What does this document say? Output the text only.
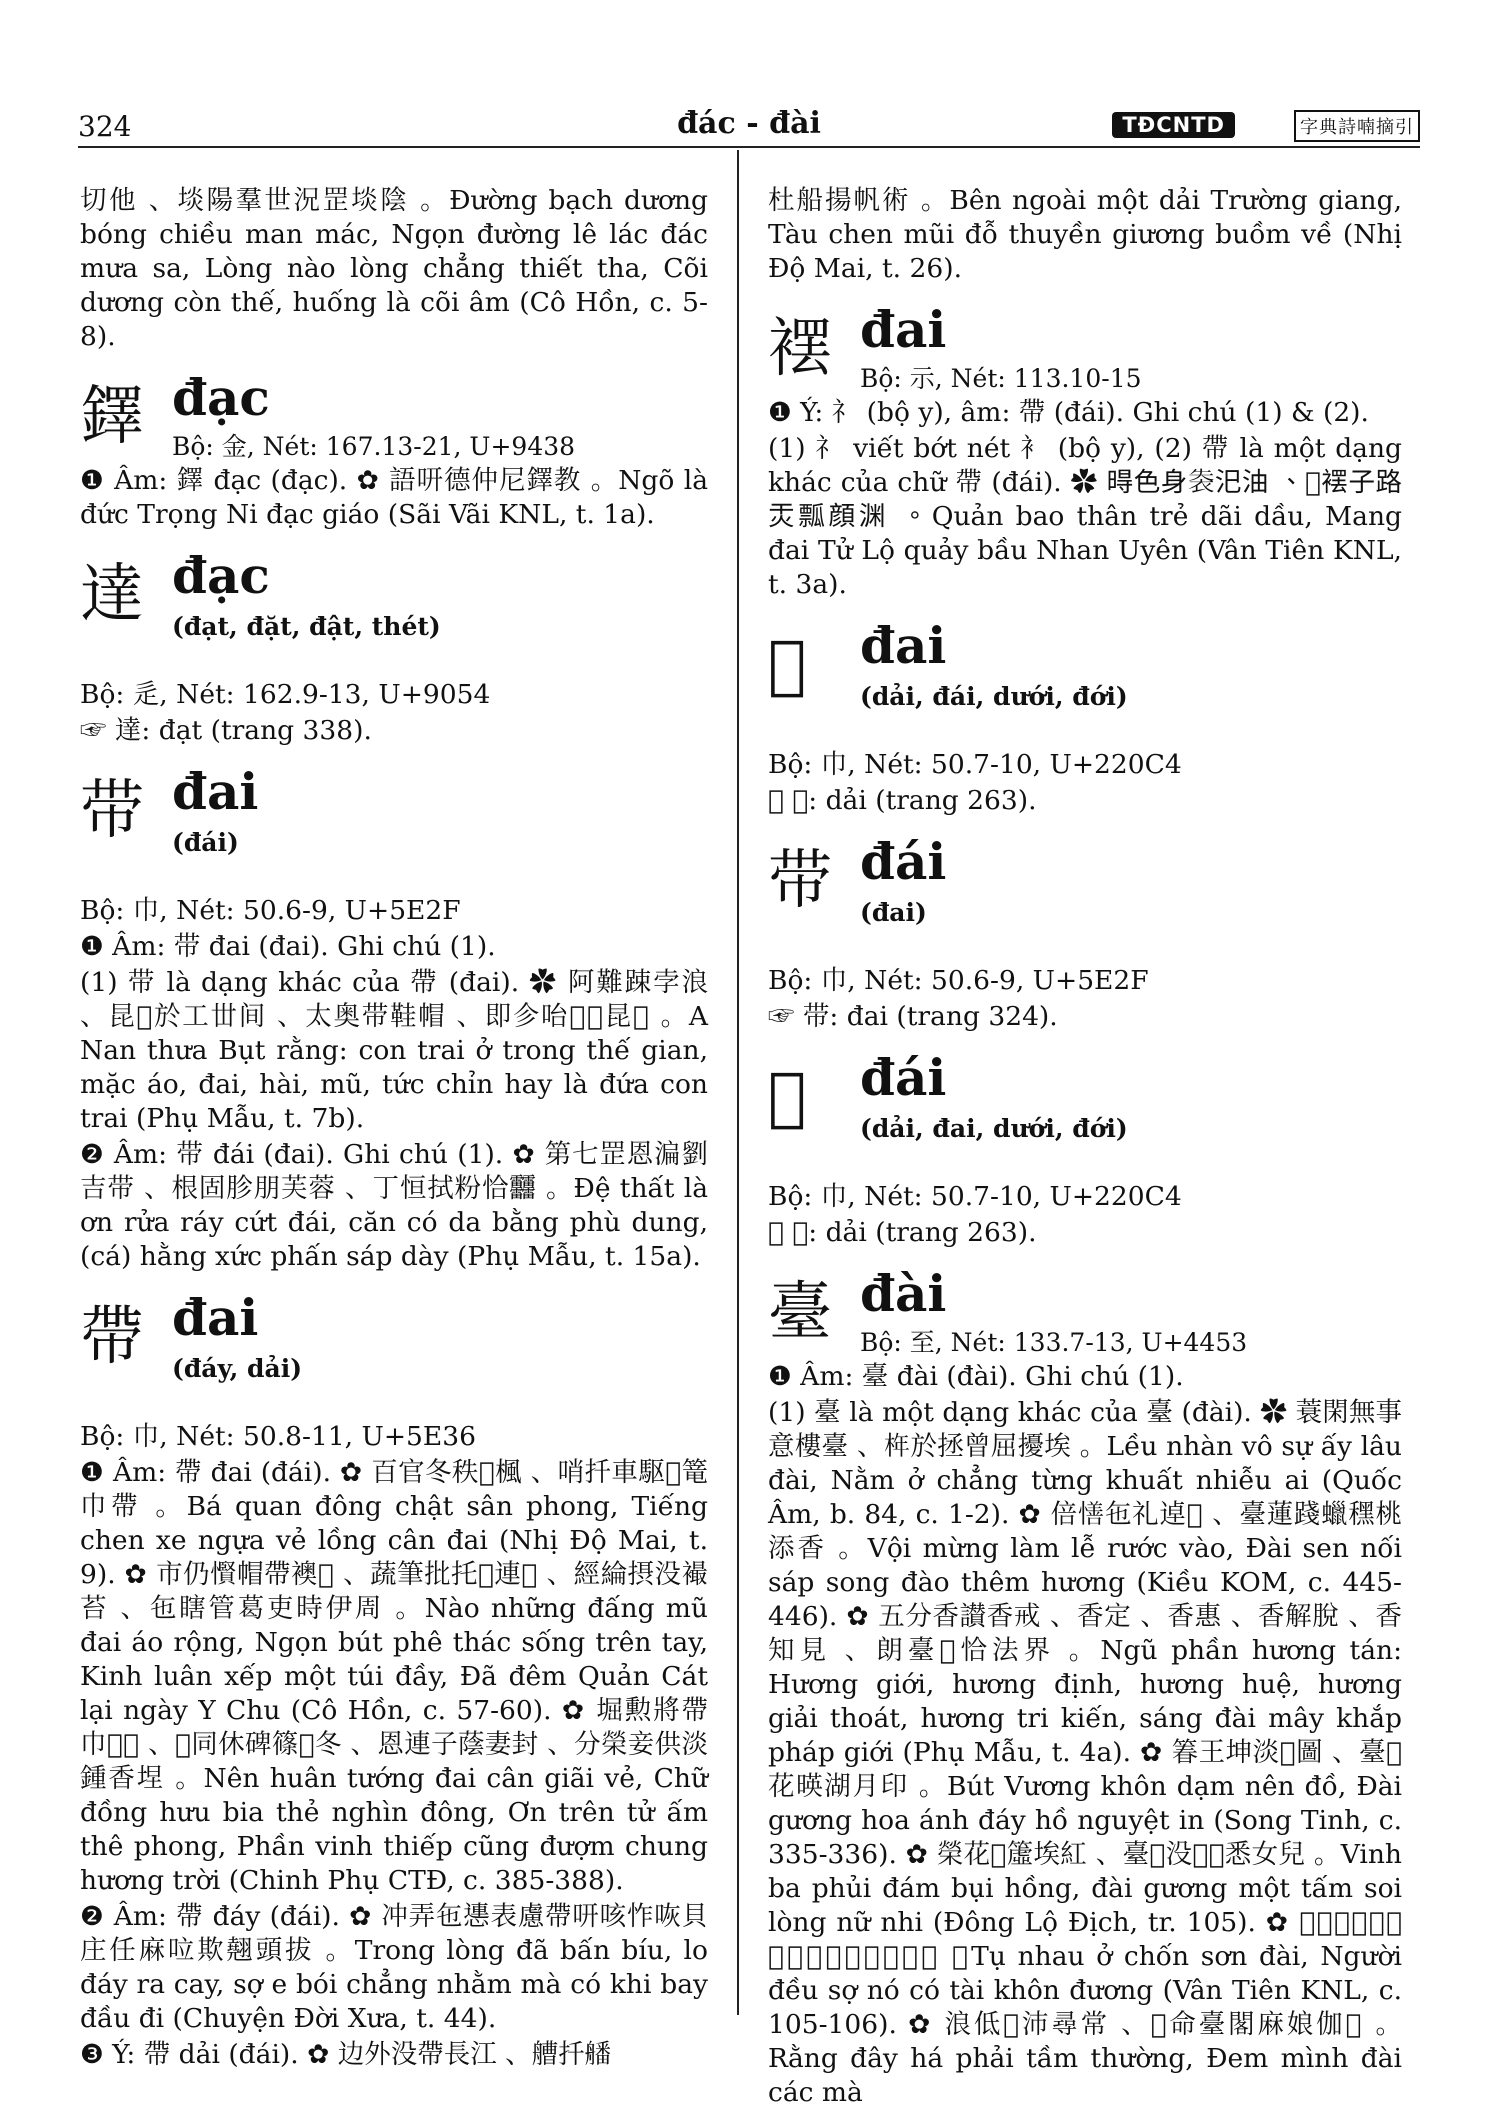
324	đác - đài	TĐCNTD	字典詩喃摘引

切他 、埮陽羣世況罡埮陰 。Đường bạch dương bóng chiều man mác, Ngọn đường lê lác đác mưa sa, Lòng nào lòng chẳng thiết tha, Cõi dương còn thế, huống là cõi âm (Cô Hồn, c. 5-8).

鐸 đạc
Bộ: 金, Nét: 167.13-21, U+9438

❶ Âm: 鐸 đạc (đạc). ✿ 語咞德仲尼鐸教 。Ngõ là đức Trọng Ni đạc giáo (Sãi Vãi KNL, t. 1a).

達 đạc
(đạt, đặt, đật, thét)

Bộ: 辵, Nét: 162.9-13, U+9054

☞ 達: đạt (trang 338).

带 đai
(đái)

Bộ: 巾, Nét: 50.6-9, U+5E2F

❶ Âm: 带 đai (đai). Ghi chú (1).

(1) 带 là dạng khác của 帶 (đai). ✿ 阿難踈孛浪 、昆𦁺於工丗间 、太奥带鞋帽 、即㐱咍𠁑𠫾昆𦁺 。A Nan thưa Bụt rằng: con trai ở trong thế gian, mặc áo, đai, hài, mũ, tức chỉn hay là đứa con trai (Phụ Mẫu, t. 7b).

❷ Âm: 带 đái (đai). Ghi chú (1). ✿ 第七罡恩㴜劉吉带 、根固胗朋芙蓉 、丁恒拭粉恰䨻 。Đệ thất là ơn rửa ráy cứt đái, căn có da bằng phù dung, (cá) hằng xức phấn sáp dày (Phụ Mẫu, t. 15a).

帶 đai
(đáy, dải)

Bộ: 巾, Nét: 50.8-11, U+5E36

❶ Âm: 帶 đai (đái). ✿ 百官冬秩𡑝楓 、哨扦車駆𢯦篭巾帶 。Bá quan đông chật sân phong, Tiếng chen xe ngựa vẻ lồng cân đai (Nhị Độ Mai, t. 9). ✿ 市仍𢤞帽帶襖𢄂 、蔬筆批托𦹵連𢷀 、經綸摂没襊苔 、㐌瞎管葛吏時伊周 。Nào những đấng mũ đai áo rộng, Ngọn bút phê thác sống trên tay, Kinh luân xếp một túi đầy, Đã đêm Quản Cát lại ngày Y Chu (Cô Hồn, c. 57-60). ✿ 堀勲將帶巾𤈜𥿺 、𤡓同休碑篠𠦳冬 、恩連子蔭妻封 、分榮妾供淡鍾香㘿 。Nên huân tướng đai cân giãi vẻ, Chữ đồng hưu bia thẻ nghìn đông, Ơn trên tử ấm thê phong, Phần vinh thiếp cũng đượm chung hương trời (Chinh Phụ CTĐ, c. 385-388).

❷ Âm: 帶 đáy (đái). ✿ 冲弄㐌㦁表慮帶咞咳怍咴貝庄任麻㕸欺翹頭拔 。Trong lòng đã bấn bíu, lo đáy ra cay, sợ e bói chẳng nhằm mà có khi bay đầu đi (Chuyện Đời Xưa, t. 44).

❸ Ý: 帶 dải (đái). ✿ 边外没帶長江 、艚扦𦪖

杜船揚帆術 。Bên ngoài một dải Trường giang, Tàu chen mũi đỗ thuyền giương buồm về (Nhị Độ Mai, t. 26).

䙓 đai
Bộ: 示, Nét: 113.10-15

❶ Ý: 礻 (bộ y), âm: 帶 (đái). Ghi chú (1) & (2).

(1) 礻 viết bớt nét 衤 (bộ y), (2) 帶 là một dạng khác của chữ 帶 (đái). ✿ 𣈜色身𧙍汜油 、𦀊䙓子路㶣瓢顔渊 。Quản bao thân trẻ dãi dầu, Mang đai Tử Lộ quảy bầu Nhan Uyên (Vân Tiên KNL, t. 3a).

𢃄 đai
(dải, đái, dưới, đới)

Bộ: 巾, Nét: 50.7-10, U+220C4

☞ 𢃄: dải (trang 263).

带 đái
(đai)

Bộ: 巾, Nét: 50.6-9, U+5E2F

☞ 带: đai (trang 324).

𢃄 đái
(dải, đai, dưới, đới)

Bộ: 巾, Nét: 50.7-10, U+220C4

☞ 𢃄: dải (trang 263).

臺 đài
Bộ: 至, Nét: 133.7-13, U+4453

❶ Âm: 臺 đài (đài). Ghi chú (1).

(1) 臺 là một dạng khác của 臺 (đài). ✿ 蓑閑無事意樓臺 、𣑻於拯曾屈擾埃 。Lều nhàn vô sự ấy lâu đài, Nằm ở chẳng từng khuất nhiễu ai (Quốc Âm, b. 84, c. 1-2). ✿ 倍𢢆㐌礼逴𨖲 、臺蓮踐蠟䆀桃添香 。Vội mừng làm lễ rước vào, Đài sen nối sáp song đào thêm hương (Kiều KOM, c. 445-446). ✿ 五分香讃香戒 、香定 、香惠 、香解脫 、香知見 、朗臺𨀈恰法界 。Ngũ phần hương tán: Hương giới, hương định, hương huệ, hương giải thoát, hương tri kiến, sáng đài mây khắp pháp giới (Phụ Mẫu, t. 4a). ✿ 箺王坤淡𨫊圖 、臺𠉞花暎湖月印 。Bút Vương khôn dạm nên đồ, Đài gương hoa ánh đáy hồ nguyệt in (Song Tinh, c. 335-336). ✿ 榮花𢷀𥲤埃紅 、臺𠉞没𣎏𤇮悉女兒 。Vinh ba phủi đám bụi hồng, đài gương một tấm soi lòng nữ nhi (Đông Lộ Địch, tr. 105). ✿ 𩛷𩅹𤯩準山臺 、𩛷訥𤒶𠺙𨔍才坤當 。Tụ nhau ở chốn sơn đài, Người đều sợ nó có tài khôn đương (Vân Tiên KNL, c. 105-106). ✿ 浪低𠝎沛尋常 、𢭲命臺閣麻娘伽𠪀 。Rằng đây há phải tầm thường, Đem mình đài các mà
